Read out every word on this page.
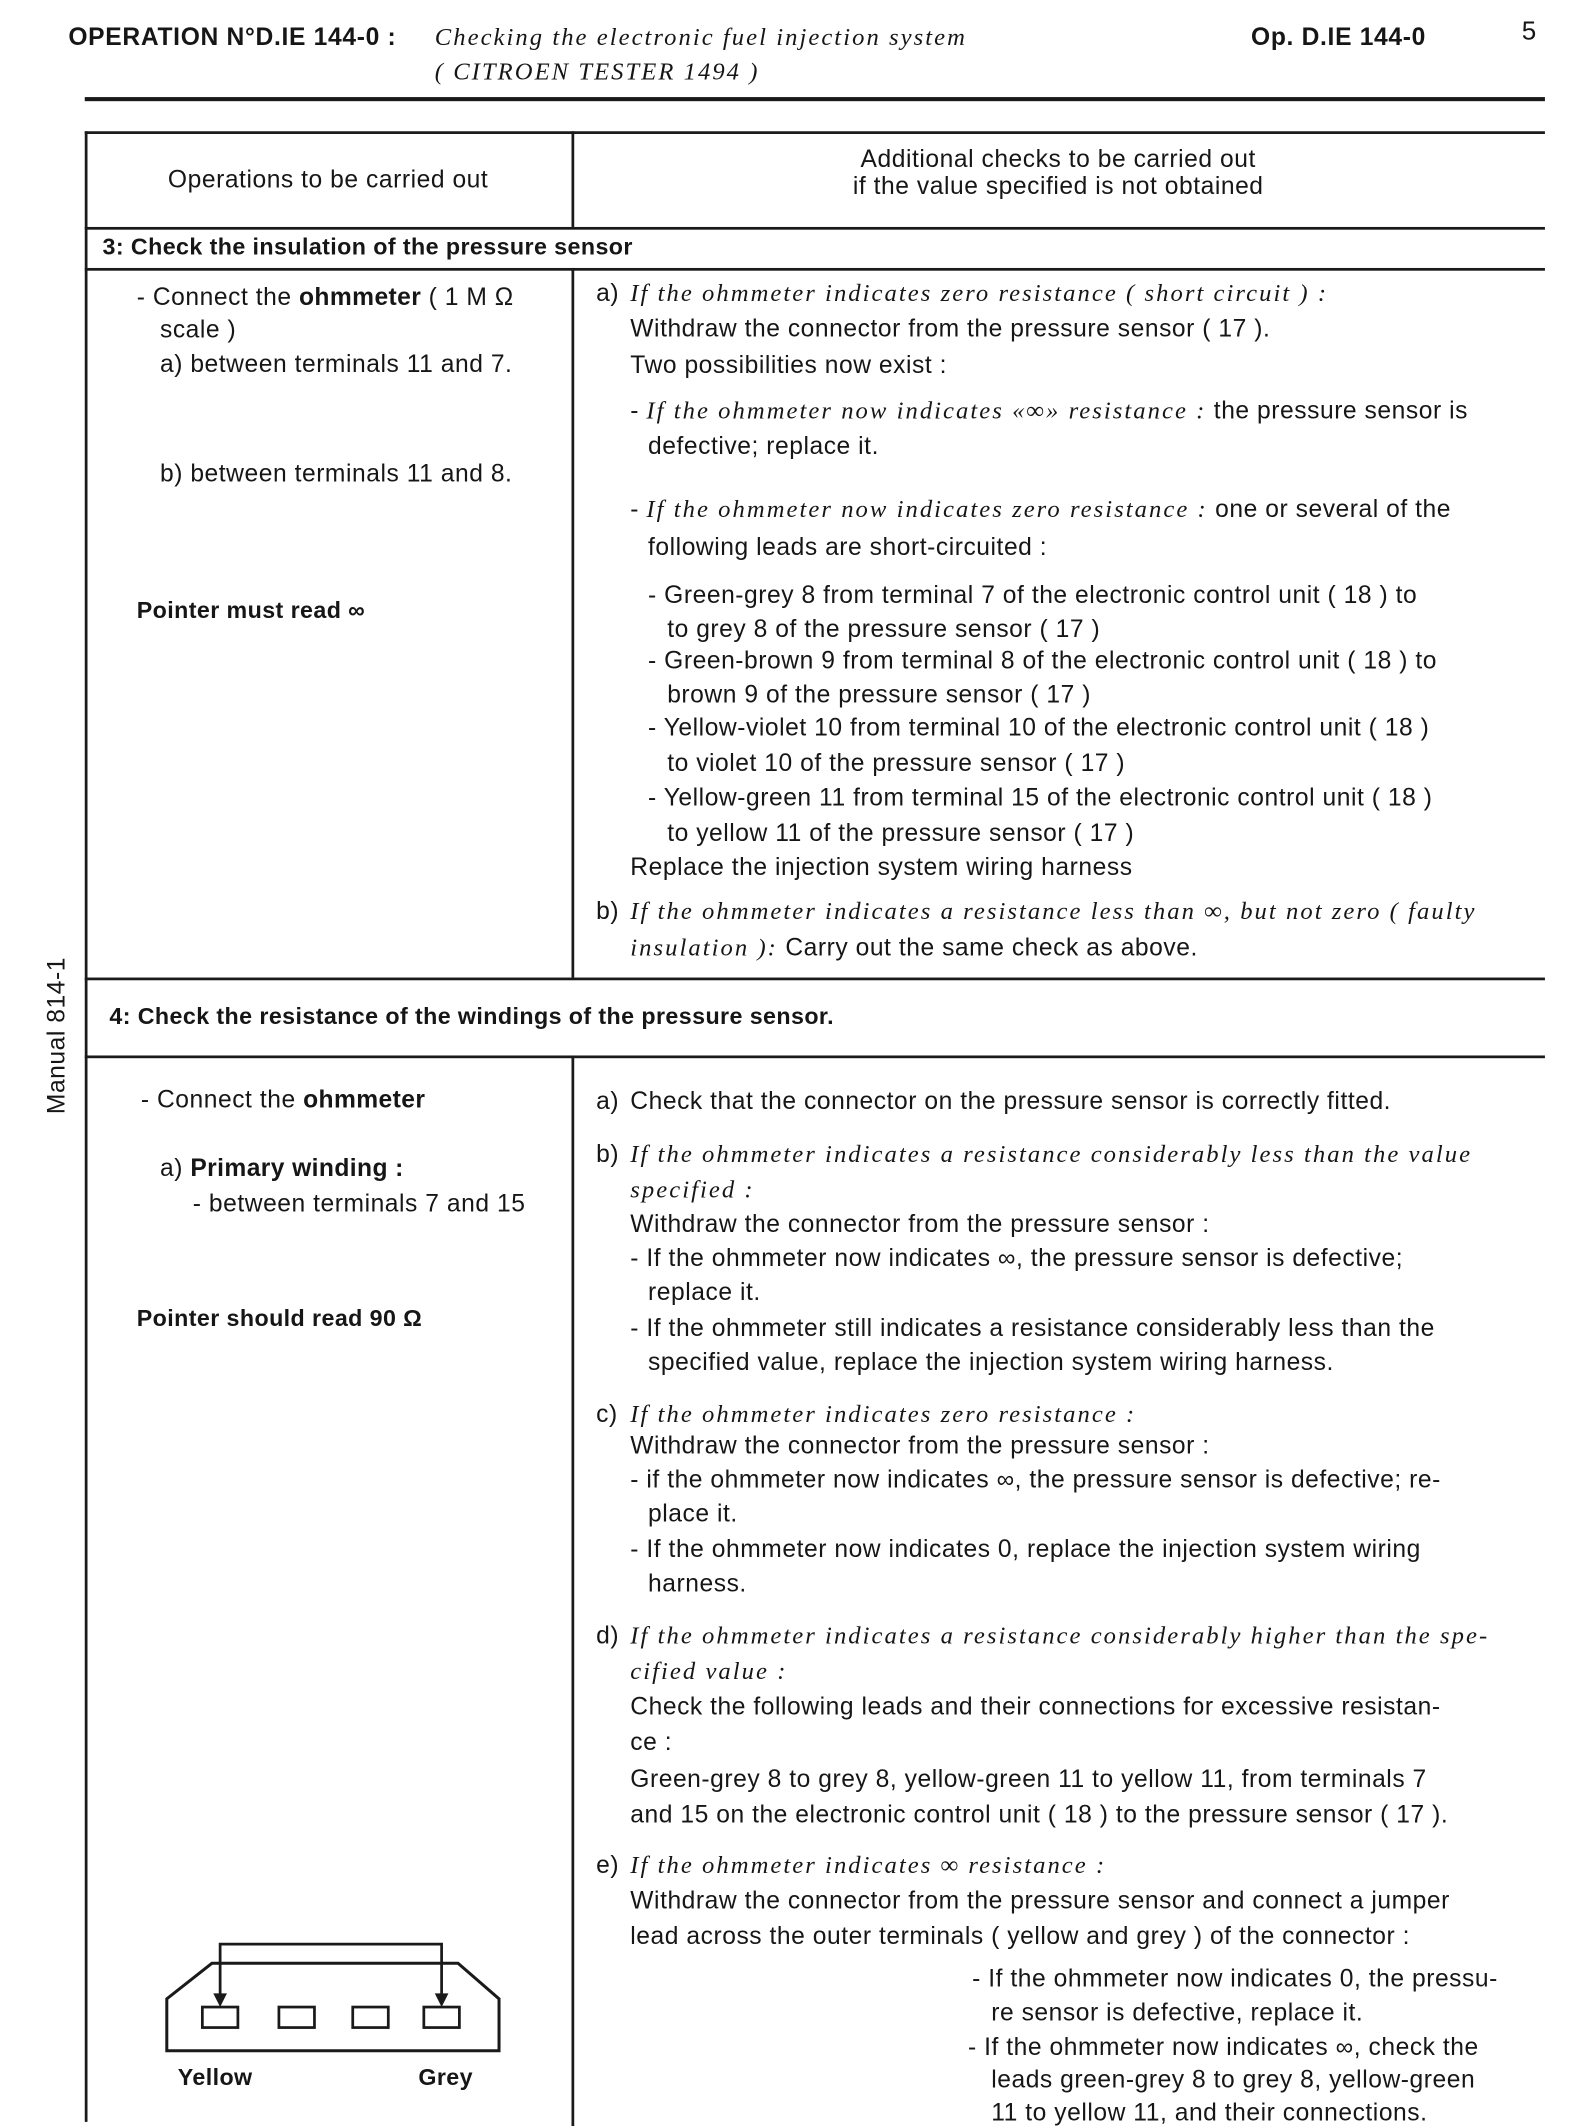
OPERATION N°D.IE 144-0 : Checking the electronic fuel injection system
( CITROEN TESTER 1494 )
Op. D.IE 144-0	5
Manual 814-1
Operations to be carried out
Additional checks to be carried out
if the value specified is not obtained
3: Check the insulation of the pressure sensor
- Connect the ohmmeter ( 1 M Ω
scale )
a) between terminals 11 and 7.
b) between terminals 11 and 8.
Pointer must read ∞
a) If the ohmmeter indicates zero resistance ( short circuit ) :
Withdraw the connector from the pressure sensor ( 17 ).
Two possibilities now exist :
- If the ohmmeter now indicates «∞» resistance : the pressure sensor is
defective; replace it.
- If the ohmmeter now indicates zero resistance : one or several of the
following leads are short-circuited :
- Green-grey 8 from terminal 7 of the electronic control unit ( 18 ) to
to grey 8 of the pressure sensor ( 17 )
- Green-brown 9 from terminal 8 of the electronic control unit ( 18 ) to
brown 9 of the pressure sensor ( 17 )
- Yellow-violet 10 from terminal 10 of the electronic control unit ( 18 )
to violet 10 of the pressure sensor ( 17 )
- Yellow-green 11 from terminal 15 of the electronic control unit ( 18 )
to yellow 11 of the pressure sensor ( 17 )
Replace the injection system wiring harness
b) If the ohmmeter indicates a resistance less than ∞, but not zero ( faulty
insulation ): Carry out the same check as above.
4: Check the resistance of the windings of the pressure sensor.
- Connect the ohmmeter
a) Primary winding :
- between terminals 7 and 15
Pointer should read 90 Ω
Yellow	Grey
a) Check that the connector on the pressure sensor is correctly fitted.
b) If the ohmmeter indicates a resistance considerably less than the value
specified :
Withdraw the connector from the pressure sensor :
- If the ohmmeter now indicates ∞, the pressure sensor is defective;
replace it.
- If the ohmmeter still indicates a resistance considerably less than the
specified value, replace the injection system wiring harness.
c) If the ohmmeter indicates zero resistance :
Withdraw the connector from the pressure sensor :
- if the ohmmeter now indicates ∞, the pressure sensor is defective; re-
place it.
- If the ohmmeter now indicates 0, replace the injection system wiring
harness.
d) If the ohmmeter indicates a resistance considerably higher than the spe-
cified value :
Check the following leads and their connections for excessive resistan-
ce :
Green-grey 8 to grey 8, yellow-green 11 to yellow 11, from terminals 7
and 15 on the electronic control unit ( 18 ) to the pressure sensor ( 17 ).
e) If the ohmmeter indicates ∞ resistance :
Withdraw the connector from the pressure sensor and connect a jumper
lead across the outer terminals ( yellow and grey ) of the connector :
- If the ohmmeter now indicates 0, the pressu-
re sensor is defective, replace it.
- If the ohmmeter now indicates ∞, check the
leads green-grey 8 to grey 8, yellow-green
11 to yellow 11, and their connections.
